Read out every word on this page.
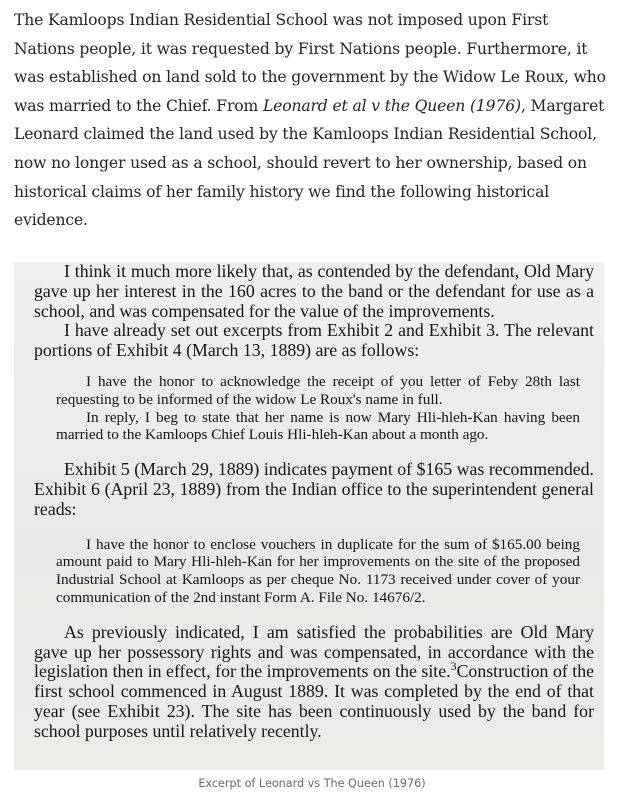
The Kamloops Indian Residential School was not imposed upon First Nations people, it was requested by First Nations people. Furthermore, it was established on land sold to the government by the Widow Le Roux, who was married to the Chief. From Leonard et al v the Queen (1976), Margaret Leonard claimed the land used by the Kamloops Indian Residential School, now no longer used as a school, should revert to her ownership, based on historical claims of her family history we find the following historical evidence.

I think it much more likely that, as contended by the defendant, Old Mary gave up her interest in the 160 acres to the band or the defendant for use as a school, and was compensated for the value of the improvements.

I have already set out excerpts from Exhibit 2 and Exhibit 3. The relevant portions of Exhibit 4 (March 13, 1889) are as follows:

I have the honor to acknowledge the receipt of you letter of Feby 28th last requesting to be informed of the widow Le Roux's name in full.

In reply, I beg to state that her name is now Mary Hli-hleh-Kan having been married to the Kamloops Chief Louis Hli-hleh-Kan about a month ago.

Exhibit 5 (March 29, 1889) indicates payment of $165 was recommended. Exhibit 6 (April 23, 1889) from the Indian office to the superintendent general reads:

I have the honor to enclose vouchers in duplicate for the sum of $165.00 being amount paid to Mary Hli-hleh-Kan for her improvements on the site of the proposed Industrial School at Kamloops as per cheque No. 1173 received under cover of your communication of the 2nd instant Form A. File No. 14676/2.

As previously indicated, I am satisfied the probabilities are Old Mary gave up her possessory rights and was compensated, in accordance with the legislation then in effect, for the improvements on the site.$^3$Construction of the first school commenced in August 1889. It was completed by the end of that year (see Exhibit 23). The site has been continuously used by the band for school purposes until relatively recently.

Excerpt of Leonard vs The Queen (1976)
